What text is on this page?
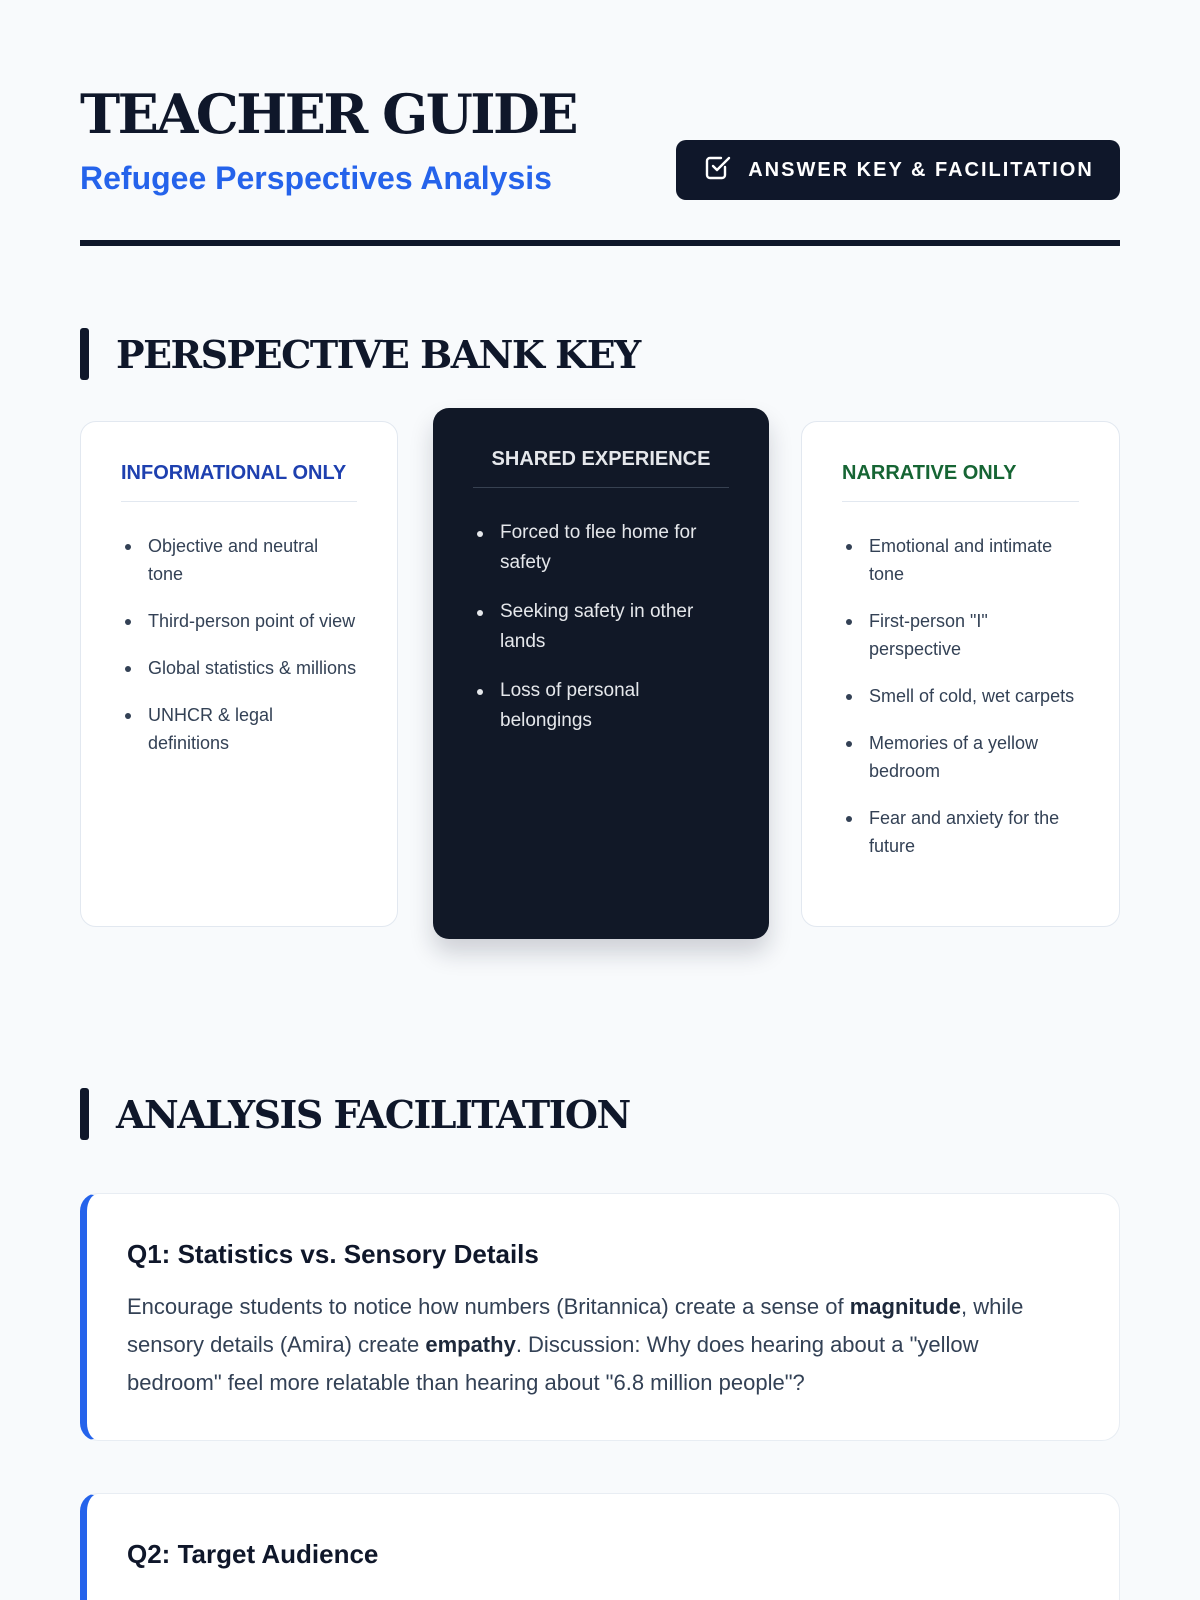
TEACHER GUIDE
Refugee Perspectives Analysis	ANSWER KEY & FACILITATION
PERSPECTIVE BANK KEY
INFORMATIONAL ONLY
Objective and neutral tone
Third-person point of view
Global statistics & millions
UNHCR & legal definitions
SHARED EXPERIENCE
Forced to flee home for safety
Seeking safety in other lands
Loss of personal belongings
NARRATIVE ONLY
Emotional and intimate tone
First-person "I" perspective
Smell of cold, wet carpets
Memories of a yellow bedroom
Fear and anxiety for the future
ANALYSIS FACILITATION
Q1: Statistics vs. Sensory Details

Encourage students to notice how numbers (Britannica) create a sense of magnitude, while sensory details (Amira) create empathy. Discussion: Why does hearing about a "yellow bedroom" feel more relatable than hearing about "6.8 million people"?

Q2: Target Audience
